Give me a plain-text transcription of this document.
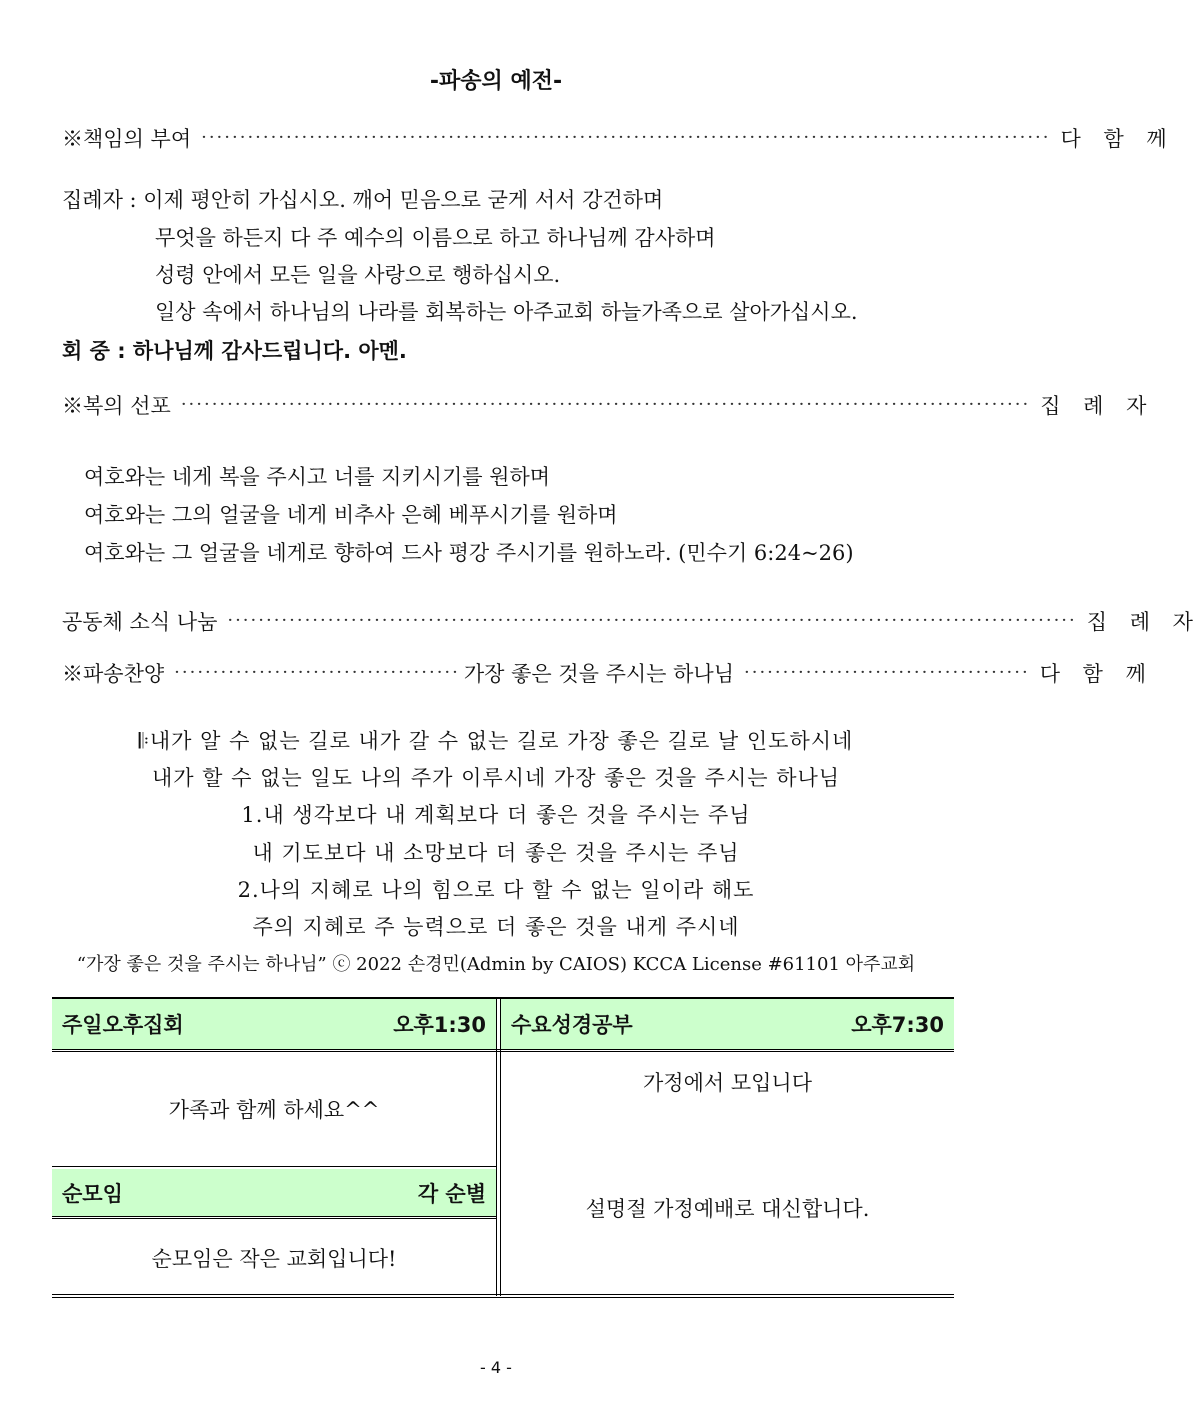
-파송의 예전-
※책임의 부여 ·············································································································· 다 함 께
집례자 : 이제 평안히 가십시오. 깨어 믿음으로 굳게 서서 강건하며
무엇을 하든지 다 주 예수의 이름으로 하고 하나님께 감사하며
성령 안에서 모든 일을 사랑으로 행하십시오.
일상 속에서 하나님의 나라를 회복하는 아주교회 하늘가족으로 살아가십시오.
회 중 : 하나님께 감사드립니다. 아멘.
※복의 선포 ·············································································································· 집 례 자
여호와는 네게 복을 주시고 너를 지키시기를 원하며
여호와는 그의 얼굴을 네게 비추사 은혜 베푸시기를 원하며
여호와는 그 얼굴을 네게로 향하여 드사 평강 주시기를 원하노라. (민수기 6:24~26)
공동체 소식 나눔 ·············································································································· 집 례 자
※파송찬양 ····································· 가장 좋은 것을 주시는 하나님 ····································· 다 함 께
𝄆내가 알 수 없는 길로 내가 갈 수 없는 길로 가장 좋은 길로 날 인도하시네
내가 할 수 없는 일도 나의 주가 이루시네 가장 좋은 것을 주시는 하나님
1.내 생각보다 내 계획보다 더 좋은 것을 주시는 주님
내 기도보다 내 소망보다 더 좋은 것을 주시는 주님
2.나의 지혜로 나의 힘으로 다 할 수 없는 일이라 해도
주의 지혜로 주 능력으로 더 좋은 것을 내게 주시네
“가장 좋은 것을 주시는 하나님” ⓒ 2022 손경민(Admin by CAIOS) KCCA License #61101 아주교회
주일오후집회	오후1:30 수요성경공부	오후7:30
순모임	각 순별
가족과 함께 하세요^^
가정에서 모입니다
설명절 가정예배로 대신합니다.
순모임은 작은 교회입니다!
- 4 -
